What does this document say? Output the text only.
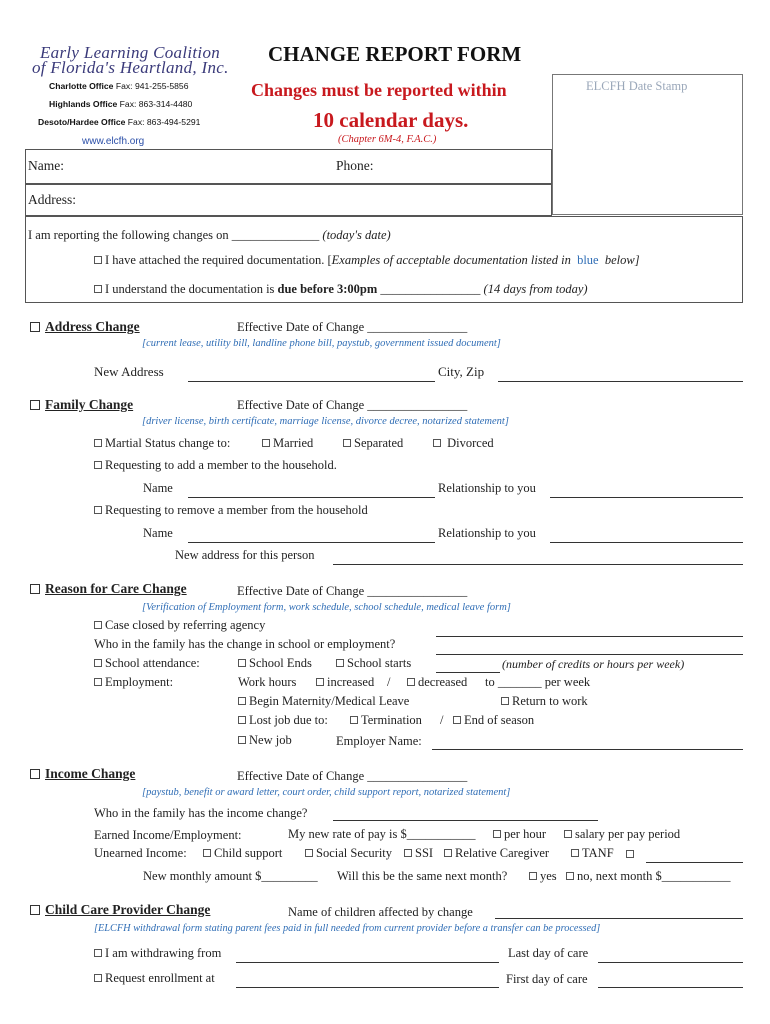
Early Learning Coalition
of Florida's Heartland, Inc.
Charlotte Office Fax: 941-255-5856
Highlands Office Fax: 863-314-4480
Desoto/Hardee Office Fax: 863-494-5291
www.elcfh.org
CHANGE REPORT FORM
Changes must be reported within
10 calendar days.
(Chapter 6M-4, F.A.C.)
ELCFH Date Stamp
Name:	Phone:
Address:
I am reporting the following changes on ______________ (today's date)
I have attached the required documentation. [Examples of acceptable documentation listed in blue below]
I understand the documentation is due before 3:00pm ________________ (14 days from today)
Address Change	Effective Date of Change ________________
[current lease, utility bill, landline phone bill, paystub, government issued document]
New Address	City, Zip
Family Change	Effective Date of Change ________________
[driver license, birth certificate, marriage license, divorce decree, notarized statement]
Martial Status change to:	Married	Separated	Divorced
Requesting to add a member to the household.
Name	Relationship to you
Requesting to remove a member from the household
Name	Relationship to you
New address for this person
Reason for Care Change	Effective Date of Change ________________
[Verification of Employment form, work schedule, school schedule, medical leave form]
Case closed by referring agency
Who in the family has the change in school or employment?
School attendance:	School Ends	School starts	(number of credits or hours per week)
Employment:	Work hours	increased /	decreased to _______ per week
Begin Maternity/Medical Leave	Return to work
Lost job due to:	Termination /	End of season
New job	Employer Name:
Income Change	Effective Date of Change ________________
[paystub, benefit or award letter, court order, child support report, notarized statement]
Who in the family has the income change?
Earned Income/Employment:	My new rate of pay is $___________	per hour	salary per pay period
Unearned Income:	Child support	Social Security	SSI	Relative Caregiver	TANF
New monthly amount $_________ Will this be the same next month?	yes	no, next month $___________
Child Care Provider Change	Name of children affected by change
[ELCFH withdrawal form stating parent fees paid in full needed from current provider before a transfer can be processed]
I am withdrawing from	Last day of care
Request enrollment at	First day of care
